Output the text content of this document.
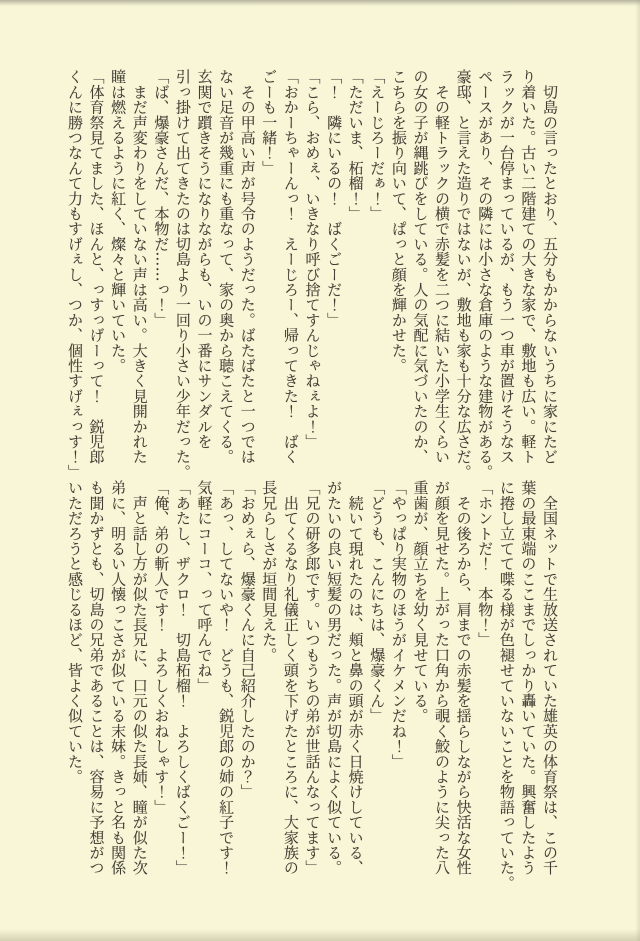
　切島の言ったとおり、五分もかからないうちに家にたど

り着いた。古い二階建ての大きな家で、敷地も広い。軽ト

ラックが一台停まっているが、もう一つ車が置けそうなス

ペースがあり、その隣には小さな倉庫のような建物がある。

豪邸、と言えた造りではないが、敷地も家も十分な広さだ。

　その軽トラックの横で赤髪を二つに結いた小学生くらい

の女の子が縄跳びをしている。人の気配に気づいたのか、

こちらを振り向いて、ぱっと顔を輝かせた。

「えーじろーだぁ！」

「ただいま、柘榴！」

「！　隣にいるの！　ばくごーだ！」

「こら、おめぇ、いきなり呼び捨てすんじゃねぇよ！」

「おかーちゃーんっ！　えーじろー、帰ってきた！　ばく

ごーも一緒！」

　その甲高い声が号令のようだった。ばたばたと一つでは

ない足音が幾重にも重なって、家の奥から聴こえてくる。

玄関で躓きそうになりながらも、いの一番にサンダルを

引っ掛けて出てきたのは切島より一回り小さい少年だった。

「ば、爆豪さんだ、本物だ……っ！」

　まだ声変わりをしていない声は高い。大きく見開かれた

瞳は燃えるように紅く、燦々と輝いていた。

「体育祭見てました、ほんと、っすっげーって！　鋭児郎

くんに勝つなんて力もすげぇし、つか、個性すげぇっす！」

　全国ネットで生放送されていた雄英の体育祭は、この千

葉の最東端のここまでしっかり轟いていた。興奮したよう

に捲し立てて喋る様が色褪せていないことを物語っていた。

「ホントだ！　本物！」

　その後ろから、肩までの赤髪を揺らしながら快活な女性

が顔を見せた。上がった口角から覗く鮫のように尖った八

重歯が、顔立ちを幼く見せている。

「やっぱり実物のほうがイケメンだね！」

「どうも、こんにちは、爆豪くん」

　続いて現れたのは、頬と鼻の頭が赤く日焼けしている、

がたいの良い短髪の男だった。声が切島によく似ている。

「兄の研多郎です。いつもうちの弟が世話んなってます」

　出てくるなり礼儀正しく頭を下げたところに、大家族の

長兄らしさが垣間見えた。

「おめぇら、爆豪くんに自己紹介したのか？」

「あっ、してないや！　どうも、鋭児郎の姉の紅子です！

気軽にコーコ、って呼んでね」

「あたし、ザクロ！　切島柘榴！　よろしくばくごー！」

「俺、弟の斬人です！　よろしくおねしゃす！」

　声と話し方が似た長兄に、口元の似た長姉、瞳が似た次

弟に、明るい人懐っこさが似ている末妹。きっと名も関係

も聞かずとも、切島の兄弟であることは、容易に予想がつ

いただろうと感じるほど、皆よく似ていた。
